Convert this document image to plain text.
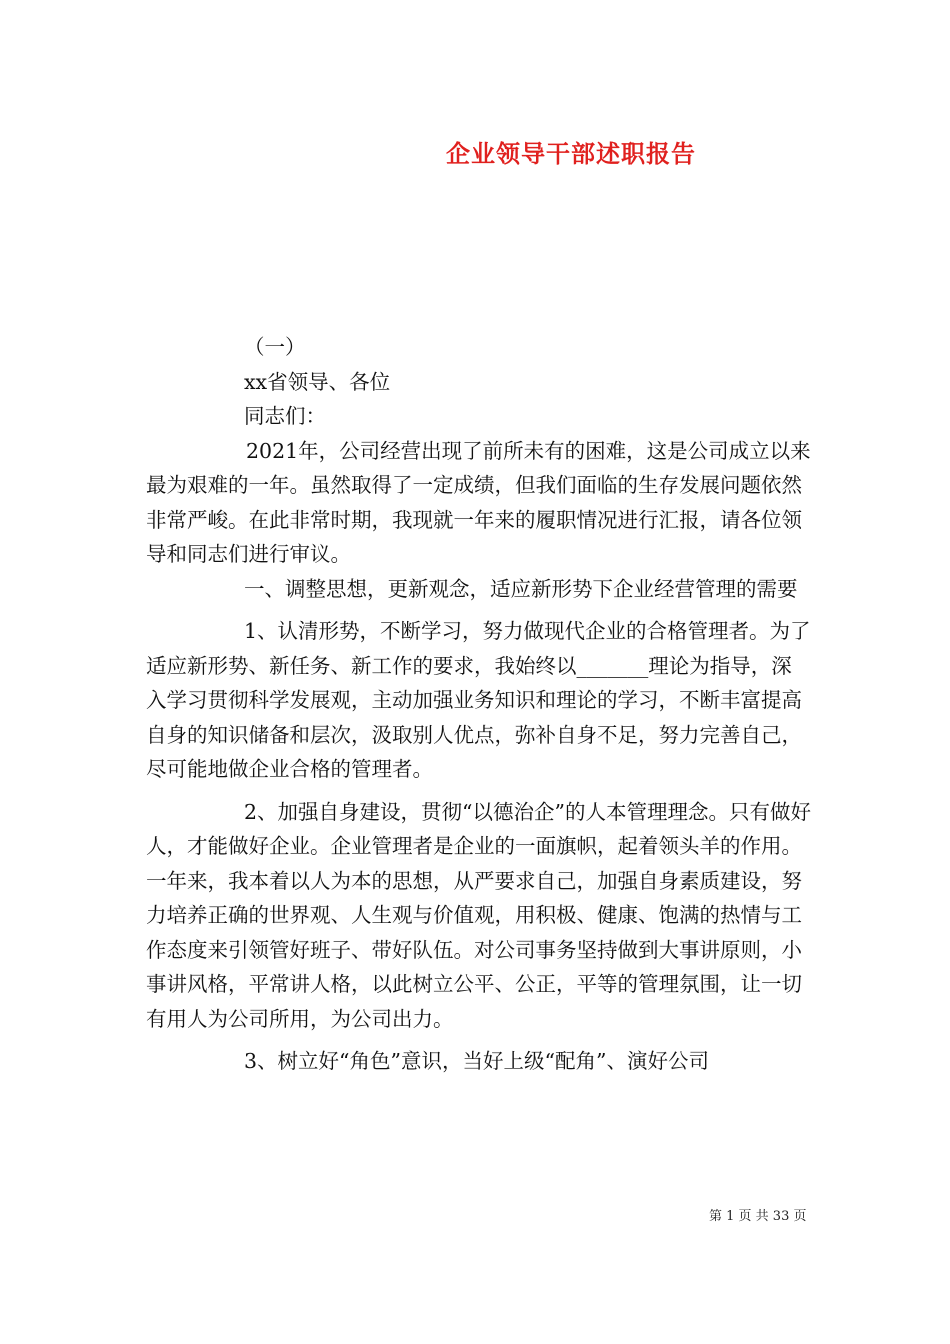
企业领导干部述职报告

（一）

xx省领导、各位

同志们：

2021年，公司经营出现了前所未有的困难，这是公司成立以来最为艰难的一年。虽然取得了一定成绩，但我们面临的生存发展问题依然非常严峻。在此非常时期，我现就一年来的履职情况进行汇报，请各位领导和同志们进行审议。

一、调整思想，更新观念，适应新形势下企业经营管理的需要

1、认清形势，不断学习，努力做现代企业的合格管理者。为了适应新形势、新任务、新工作的要求，我始终以_______理论为指导，深入学习贯彻科学发展观，主动加强业务知识和理论的学习，不断丰富提高自身的知识储备和层次，汲取别人优点，弥补自身不足，努力完善自己，尽可能地做企业合格的管理者。

2、加强自身建设，贯彻“以德治企”的人本管理理念。只有做好人，才能做好企业。企业管理者是企业的一面旗帜，起着领头羊的作用。一年来，我本着以人为本的思想，从严要求自己，加强自身素质建设，努力培养正确的世界观、人生观与价值观，用积极、健康、饱满的热情与工作态度来引领管好班子、带好队伍。对公司事务坚持做到大事讲原则，小事讲风格，平常讲人格，以此树立公平、公正，平等的管理氛围，让一切有用人为公司所用，为公司出力。

3、树立好“角色”意识，当好上级“配角”、演好公司

第 1 页 共 33 页
